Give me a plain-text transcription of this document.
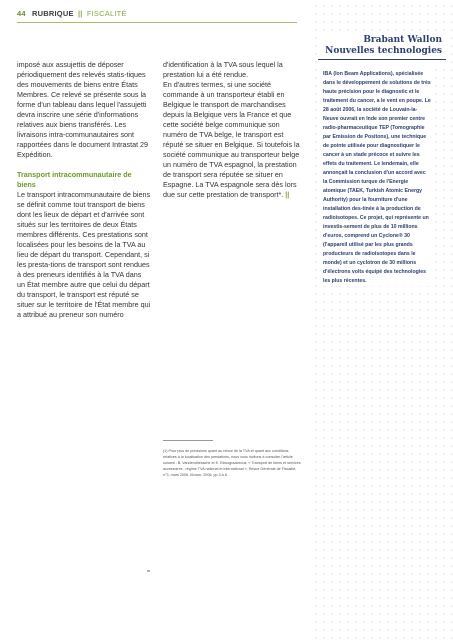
44 RUBRIQUE || FISCALITÉ

imposé aux assujettis de déposer périodiquement des relevés statis-tiques des mouvements de biens entre États Membres. Ce relevé se présente sous la forme d'un tableau dans lequel l'assujetti devra inscrire une série d'informations relatives aux biens transférés. Les livraisons intra-communautaires sont rapportées dans le document Intrastat 29 Expédition.

Transport intracommunautaire de biens

Le transport intracommunautaire de biens se définit comme tout transport de biens dont les lieux de départ et d'arrivée sont situés sur les territoires de deux États membres différents. Ces prestations sont localisées pour les besoins de la TVA au lieu de départ du transport. Cependant, si les presta-tions de transport sont rendues à des preneurs identifiés à la TVA dans un État membre autre que celui du départ du transport, le transport est réputé se situer sur le territoire de l'État membre qui a attribué au preneur son numéro

d'identification à la TVA sous lequel la prestation lui a été rendue.

En d'autres termes, si une société commande à un transporteur établi en Belgique le transport de marchandises depuis la Belgique vers la France et que cette société belge communique son numéro de TVA belge, le transport est réputé se situer en Belgique. Si toutefois la société communique au transporteur belge un numéro de TVA espagnol, la prestation de transport sera réputée se situer en Espagne. La TVA espagnole sera dès lors due sur cette prestation de transport*. ||

(1) Pour plus de précisions quant au retour de la TVA et quant aux conditions relatives à la localisation des prestations, nous vous invitons à consulter l'article suivant : B. Vandendriessche et E. Ekwograaceous, « Transport de biens et services accessoires : régime TVA national et international », Revue Générale de Fiscalité, n°3, mars 2006, Kluwer, 2006, pp.3 à 8.
≈
Brabant Wallon
Nouvelles technologies
IBA (Ion Beam Applications), spécialisée dans le développement de solutions de très haute précision pour le diagnostic et le traitement du cancer, a le vent en poupe. Le 28 août 2006, la société de Louvain-la-Neuve ouvrait en Inde son premier centre radio-pharmaceutique TEP (Tomographie par Emission de Positons), une technique de pointe utilisée pour diagnostiquer le cancer à un stade précoce et suivre les effets du traitement. Le lendemain, elle annonçait la conclusion d'un accord avec la Commission turque de l'Energie atomique (TAEK, Turkish Atomic Energy Authority) pour la fourniture d'une installation des-tinée à la production de radioisotopes. Ce projet, qui représente un investis-sement de plus de 10 millions d'euros, comprend un Cyclone® 30 (l'appareil utilisé par les plus grands producteurs de radioisotopes dans le monde) et un cyclotron de 30 millions d'électrons volts équipé des technologies les plus récentes.
